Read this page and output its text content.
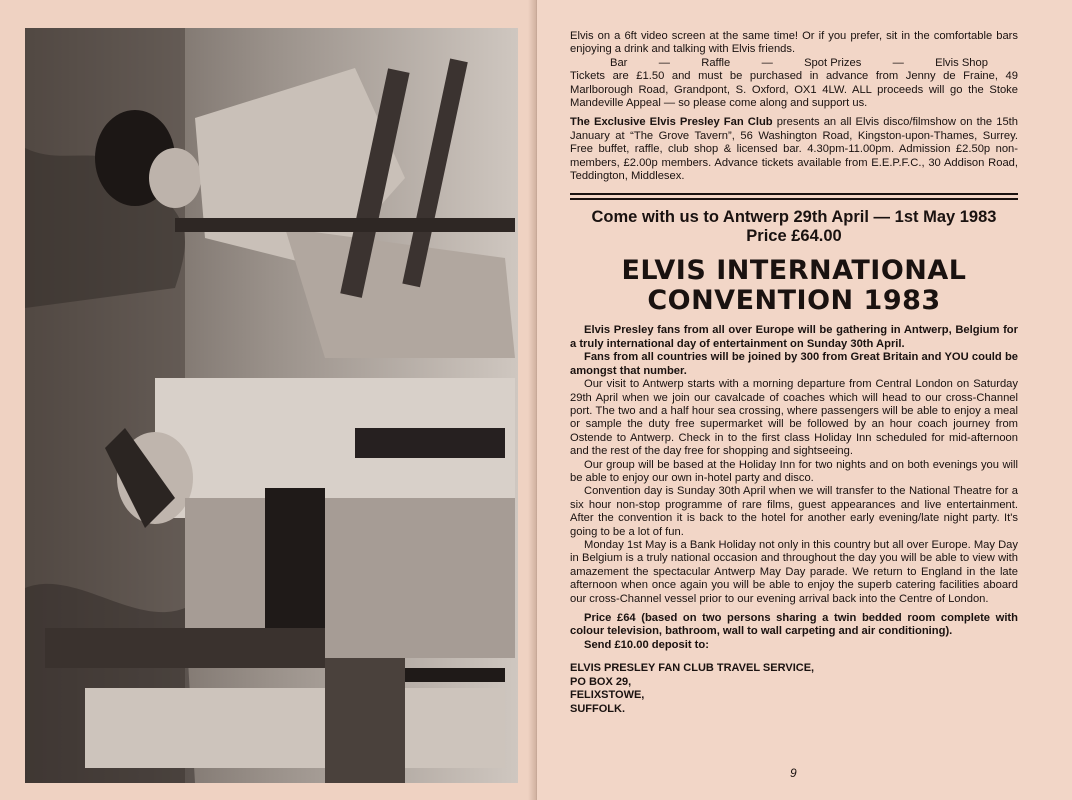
Elvis on a 6ft video screen at the same time! Or if you prefer, sit in the comfortable bars enjoying a drink and talking with Elvis friends.

Bar	—	Raffle	—	Spot Prizes	—	Elvis Shop

Tickets are £1.50 and must be purchased in advance from Jenny de Fraine, 49 Marlborough Road, Grandpont, S. Oxford, OX1 4LW. ALL proceeds will go the Stoke Mandeville Appeal — so please come along and support us.

The Exclusive Elvis Presley Fan Club presents an all Elvis disco/filmshow on the 15th January at “The Grove Tavern”, 56 Washington Road, Kingston-upon-Thames, Surrey. Free buffet, raffle, club shop & licensed bar. 4.30pm-11.00pm. Admission £2.50p non-members, £2.00p members. Advance tickets available from E.E.P.F.C., 30 Addison Road, Teddington, Middlesex.

Come with us to Antwerp 29th April — 1st May 1983

Price £64.00

ELVIS INTERNATIONAL
CONVENTION 1983

Elvis Presley fans from all over Europe will be gathering in Antwerp, Belgium for a truly international day of entertainment on Sunday 30th April.

Fans from all countries will be joined by 300 from Great Britain and YOU could be amongst that number.

Our visit to Antwerp starts with a morning departure from Central London on Saturday 29th April when we join our cavalcade of coaches which will head to our cross-Channel port. The two and a half hour sea crossing, where passengers will be able to enjoy a meal or sample the duty free supermarket will be followed by an hour coach journey from Ostende to Antwerp. Check in to the first class Holiday Inn scheduled for mid-afternoon and the rest of the day free for shopping and sightseeing.

Our group will be based at the Holiday Inn for two nights and on both evenings you will be able to enjoy our own in-hotel party and disco.

Convention day is Sunday 30th April when we will transfer to the National Theatre for a six hour non-stop programme of rare films, guest appearances and live entertainment. After the convention it is back to the hotel for another early evening/late night party. It's going to be a lot of fun.

Monday 1st May is a Bank Holiday not only in this country but all over Europe. May Day in Belgium is a truly national occasion and throughout the day you will be able to view with amazement the spectacular Antwerp May Day parade. We return to England in the late afternoon when once again you will be able to enjoy the superb catering facilities aboard our cross-Channel vessel prior to our evening arrival back into the Centre of London.

Price £64 (based on two persons sharing a twin bedded room complete with colour television, bathroom, wall to wall carpeting and air conditioning).

Send £10.00 deposit to:

ELVIS PRESLEY FAN CLUB TRAVEL SERVICE,
PO BOX 29,
FELIXSTOWE,
SUFFOLK.
9
